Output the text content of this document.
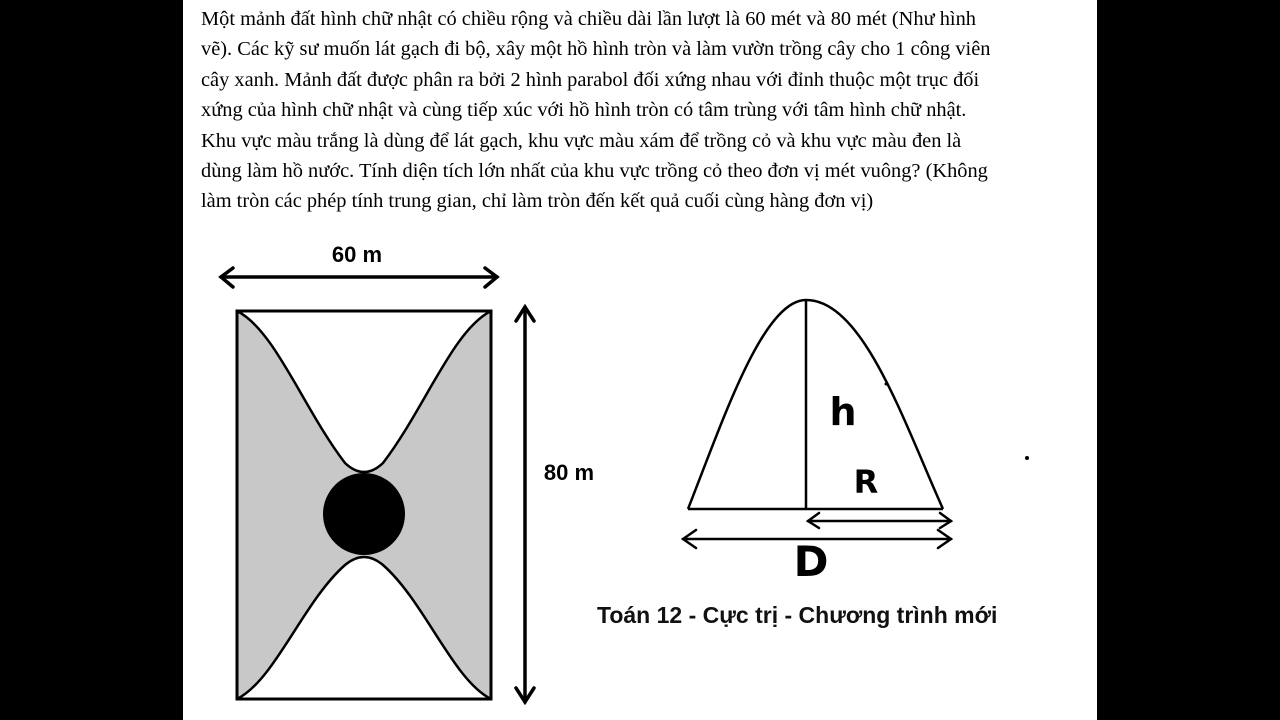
Một mảnh đất hình chữ nhật có chiều rộng và chiều dài lần lượt là 60 mét và 80 mét (Như hình
vẽ). Các kỹ sư muốn lát gạch đi bộ, xây một hồ hình tròn và làm vườn trồng cây cho 1 công viên
cây xanh. Mảnh đất được phân ra bởi 2 hình parabol đối xứng nhau với đỉnh thuộc một trục đối
xứng của hình chữ nhật và cùng tiếp xúc với hồ hình tròn có tâm trùng với tâm hình chữ nhật.
Khu vực màu trắng là dùng để lát gạch, khu vực màu xám để trồng cỏ và khu vực màu đen là
dùng làm hồ nước. Tính diện tích lớn nhất của khu vực trồng cỏ theo đơn vị mét vuông? (Không
làm tròn các phép tính trung gian, chỉ làm tròn đến kết quả cuối cùng hàng đơn vị)
60 m
80 m
h
R
D

Toán 12 - Cực trị - Chương trình mới
